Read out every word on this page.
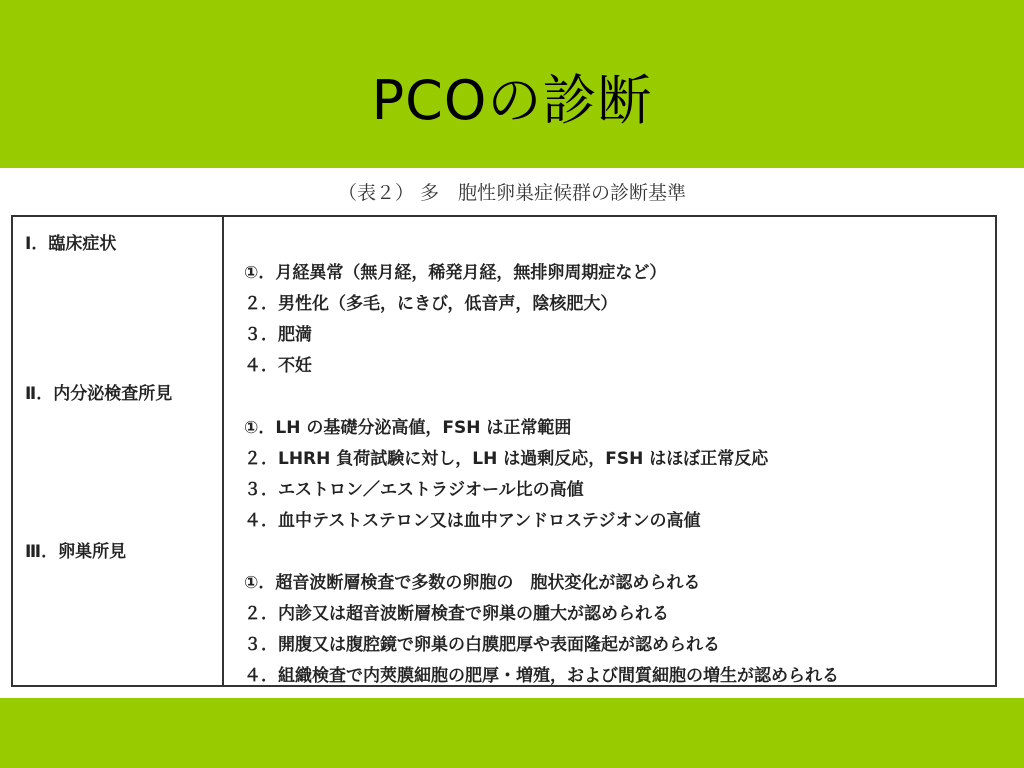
PCOの診断
（表２） 多　胞性卵巣症候群の診断基準
Ⅰ．臨床症状
Ⅱ．内分泌検査所見
Ⅲ．卵巣所見
①．月経異常（無月経，稀発月経，無排卵周期症など）
２．男性化（多毛，にきび，低音声，陰核肥大）
３．肥満
４．不妊
①．LH の基礎分泌高値，FSH は正常範囲
２．LHRH 負荷試験に対し，LH は過剰反応，FSH はほぼ正常反応
３．エストロン／エストラジオール比の高値
４．血中テストステロン又は血中アンドロステジオンの高値
①．超音波断層検査で多数の卵胞の　胞状変化が認められる
２．内診又は超音波断層検査で卵巣の腫大が認められる
３．開腹又は腹腔鏡で卵巣の白膜肥厚や表面隆起が認められる
４．組織検査で内莢膜細胞の肥厚・増殖，および間質細胞の増生が認められる
